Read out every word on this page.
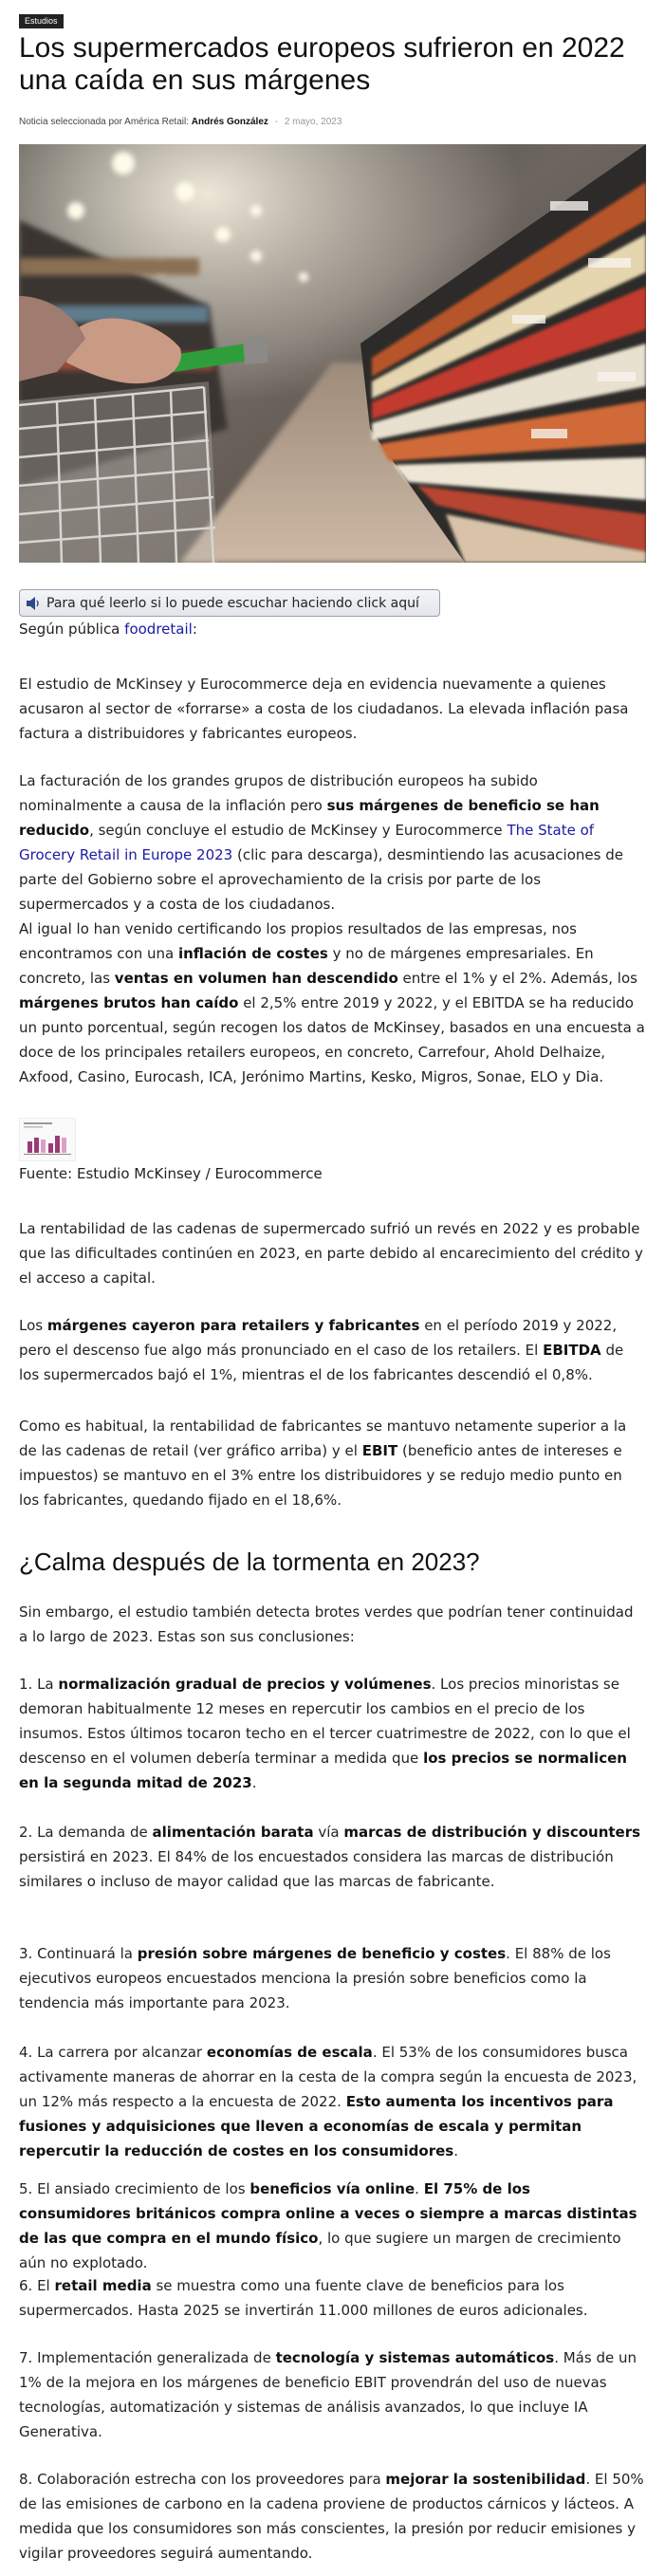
Estudios
Los supermercados europeos sufrieron en 2022 una caída en sus márgenes
Noticia seleccionada por América Retail: Andrés González - 2 mayo, 2023
Para qué leerlo si lo puede escuchar haciendo click aquí

Según pública foodretail:

El estudio de McKinsey y Eurocommerce deja en evidencia nuevamente a quienes acusaron al sector de «forrarse» a costa de los ciudadanos. La elevada inflación pasa factura a distribuidores y fabricantes europeos.

La facturación de los grandes grupos de distribución europeos ha subido nominalmente a causa de la inflación pero sus márgenes de beneficio se han reducido, según concluye el estudio de McKinsey y Eurocommerce The State of Grocery Retail in Europe 2023 (clic para descarga), desmintiendo las acusaciones de parte del Gobierno sobre el aprovechamiento de la crisis por parte de los supermercados y a costa de los ciudadanos.

Al igual lo han venido certificando los propios resultados de las empresas, nos encontramos con una inflación de costes y no de márgenes empresariales. En concreto, las ventas en volumen han descendido entre el 1% y el 2%. Además, los márgenes brutos han caído el 2,5% entre 2019 y 2022, y el EBITDA se ha reducido un punto porcentual, según recogen los datos de McKinsey, basados en una encuesta a doce de los principales retailers europeos, en concreto, Carrefour, Ahold Delhaize, Axfood, Casino, Eurocash, ICA, Jerónimo Martins, Kesko, Migros, Sonae, ELO y Dia.

Fuente: Estudio McKinsey / Eurocommerce

La rentabilidad de las cadenas de supermercado sufrió un revés en 2022 y es probable que las dificultades continúen en 2023, en parte debido al encarecimiento del crédito y el acceso a capital.

Los márgenes cayeron para retailers y fabricantes en el período 2019 y 2022, pero el descenso fue algo más pronunciado en el caso de los retailers. El EBITDA de los supermercados bajó el 1%, mientras el de los fabricantes descendió el 0,8%.

Como es habitual, la rentabilidad de fabricantes se mantuvo netamente superior a la de las cadenas de retail (ver gráfico arriba) y el EBIT (beneficio antes de intereses e impuestos) se mantuvo en el 3% entre los distribuidores y se redujo medio punto en los fabricantes, quedando fijado en el 18,6%.

¿Calma después de la tormenta en 2023?

Sin embargo, el estudio también detecta brotes verdes que podrían tener continuidad a lo largo de 2023. Estas son sus conclusiones:

1. La normalización gradual de precios y volúmenes. Los precios minoristas se demoran habitualmente 12 meses en repercutir los cambios en el precio de los insumos. Estos últimos tocaron techo en el tercer cuatrimestre de 2022, con lo que el descenso en el volumen debería terminar a medida que los precios se normalicen en la segunda mitad de 2023.

2. La demanda de alimentación barata vía marcas de distribución y discounters persistirá en 2023. El 84% de los encuestados considera las marcas de distribución similares o incluso de mayor calidad que las marcas de fabricante.

3. Continuará la presión sobre márgenes de beneficio y costes. El 88% de los ejecutivos europeos encuestados menciona la presión sobre beneficios como la tendencia más importante para 2023.

4. La carrera por alcanzar economías de escala. El 53% de los consumidores busca activamente maneras de ahorrar en la cesta de la compra según la encuesta de 2023, un 12% más respecto a la encuesta de 2022. Esto aumenta los incentivos para fusiones y adquisiciones que lleven a economías de escala y permitan repercutir la reducción de costes en los consumidores.

5. El ansiado crecimiento de los beneficios vía online. El 75% de los consumidores británicos compra online a veces o siempre a marcas distintas de las que compra en el mundo físico, lo que sugiere un margen de crecimiento aún no explotado.

6. El retail media se muestra como una fuente clave de beneficios para los supermercados. Hasta 2025 se invertirán 11.000 millones de euros adicionales.

7. Implementación generalizada de tecnología y sistemas automáticos. Más de un 1% de la mejora en los márgenes de beneficio EBIT provendrán del uso de nuevas tecnologías, automatización y sistemas de análisis avanzados, lo que incluye IA Generativa.

8. Colaboración estrecha con los proveedores para mejorar la sostenibilidad. El 50% de las emisiones de carbono en la cadena proviene de productos cárnicos y lácteos. A medida que los consumidores son más conscientes, la presión por reducir emisiones y vigilar proveedores seguirá aumentando.
